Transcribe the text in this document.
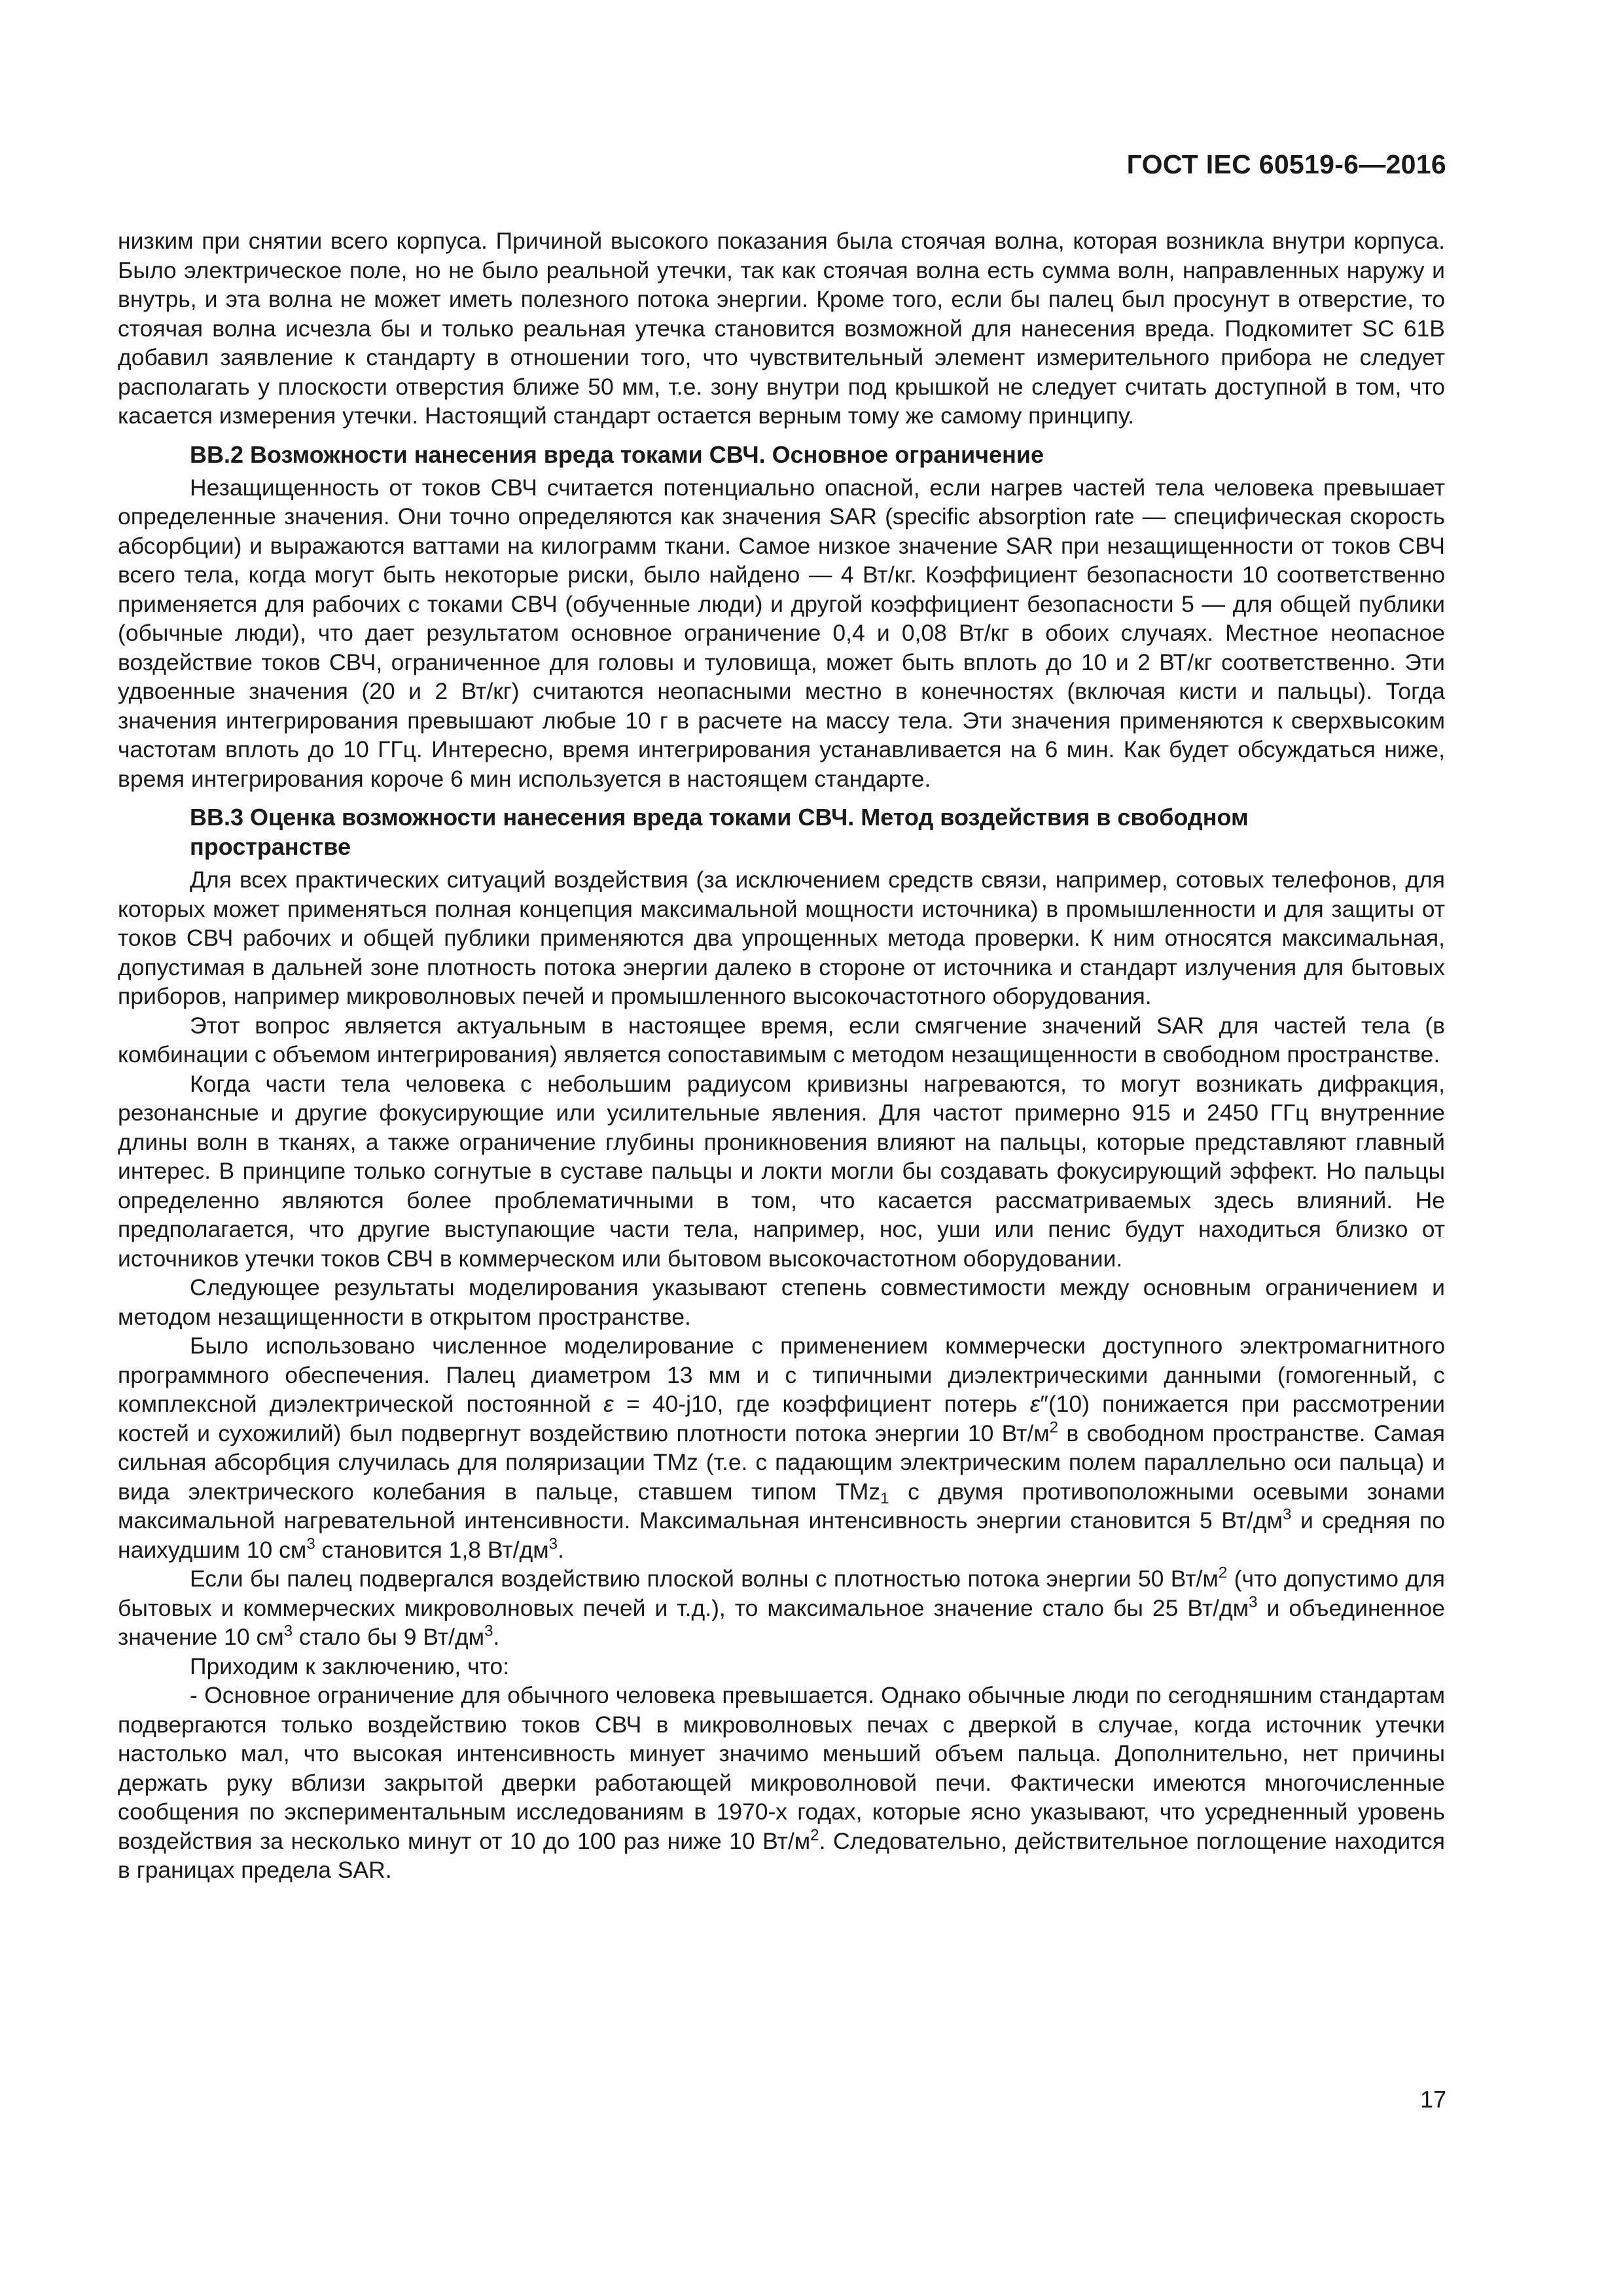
ГОСТ IEC 60519-6—2016

низким при снятии всего корпуса. Причиной высокого показания была стоячая волна, которая возникла внутри корпуса. Было электрическое поле, но не было реальной утечки, так как стоячая волна есть сумма волн, направленных наружу и внутрь, и эта волна не может иметь полезного потока энергии. Кроме того, если бы палец был просунут в отверстие, то стоячая волна исчезла бы и только реальная утечка становится возможной для нанесения вреда. Подкомитет SC 61B добавил заявление к стандарту в отношении того, что чувствительный элемент измерительного прибора не следует располагать у плоскости отверстия ближе 50 мм, т.е. зону внутри под крышкой не следует считать доступной в том, что касается измерения утечки. Настоящий стандарт остается верным тому же самому принципу.

BB.2 Возможности нанесения вреда токами СВЧ. Основное ограничение

Незащищенность от токов СВЧ считается потенциально опасной, если нагрев частей тела человека превышает определенные значения. Они точно определяются как значения SAR (specific absorption rate — специфическая скорость абсорбции) и выражаются ваттами на килограмм ткани. Самое низкое значение SAR при незащищенности от токов СВЧ всего тела, когда могут быть некоторые риски, было найдено — 4 Вт/кг. Коэффициент безопасности 10 соответственно применяется для рабочих с токами СВЧ (обученные люди) и другой коэффициент безопасности 5 — для общей публики (обычные люди), что дает результатом основное ограничение 0,4 и 0,08 Вт/кг в обоих случаях. Местное неопасное воздействие токов СВЧ, ограниченное для головы и туловища, может быть вплоть до 10 и 2 ВТ/кг соответственно. Эти удвоенные значения (20 и 2 Вт/кг) считаются неопасными местно в конечностях (включая кисти и пальцы). Тогда значения интегрирования превышают любые 10 г в расчете на массу тела. Эти значения применяются к сверхвысоким частотам вплоть до 10 ГГц. Интересно, время интегрирования устанавливается на 6 мин. Как будет обсуждаться ниже, время интегрирования короче 6 мин используется в настоящем стандарте.

BB.3 Оценка возможности нанесения вреда токами СВЧ. Метод воздействия в свободном пространстве

Для всех практических ситуаций воздействия (за исключением средств связи, например, сотовых телефонов, для которых может применяться полная концепция максимальной мощности источника) в промышленности и для защиты от токов СВЧ рабочих и общей публики применяются два упрощенных метода проверки. К ним относятся максимальная, допустимая в дальней зоне плотность потока энергии далеко в стороне от источника и стандарт излучения для бытовых приборов, например микроволновых печей и промышленного высокочастотного оборудования.

Этот вопрос является актуальным в настоящее время, если смягчение значений SAR для частей тела (в комбинации с объемом интегрирования) является сопоставимым с методом незащищенности в свободном пространстве.

Когда части тела человека с небольшим радиусом кривизны нагреваются, то могут возникать дифракция, резонансные и другие фокусирующие или усилительные явления. Для частот примерно 915 и 2450 ГГц внутренние длины волн в тканях, а также ограничение глубины проникновения влияют на пальцы, которые представляют главный интерес. В принципе только согнутые в суставе пальцы и локти могли бы создавать фокусирующий эффект. Но пальцы определенно являются более проблематичными в том, что касается рассматриваемых здесь влияний. Не предполагается, что другие выступающие части тела, например, нос, уши или пенис будут находиться близко от источников утечки токов СВЧ в коммерческом или бытовом высокочастотном оборудовании.

Следующее результаты моделирования указывают степень совместимости между основным ограничением и методом незащищенности в открытом пространстве.

Было использовано численное моделирование с применением коммерчески доступного электромагнитного программного обеспечения. Палец диаметром 13 мм и с типичными диэлектрическими данными (гомогенный, с комплексной диэлектрической постоянной ε = 40-j10, где коэффициент потерь ε″(10) понижается при рассмотрении костей и сухожилий) был подвергнут воздействию плотности потока энергии 10 $Вт/м^2$ в свободном пространстве. Самая сильная абсорбция случилась для поляризации TMz (т.е. с падающим электрическим полем параллельно оси пальца) и вида электрического колебания в пальце, ставшем типом TMz$_1$ с двумя противоположными осевыми зонами максимальной нагревательной интенсивности. Максимальная интенсивность энергии становится 5 $Вт/дм^3$ и средняя по наихудшим 10 $см^3$ становится 1,8 $Вт/дм^3$.

Если бы палец подвергался воздействию плоской волны с плотностью потока энергии 50 $Вт/м^2$ (что допустимо для бытовых и коммерческих микроволновых печей и т.д.), то максимальное значение стало бы 25 $Вт/дм^3$ и объединенное значение 10 $см^3$ стало бы 9 $Вт/дм^3$.

Приходим к заключению, что:

- Основное ограничение для обычного человека превышается. Однако обычные люди по сегодняшним стандартам подвергаются только воздействию токов СВЧ в микроволновых печах с дверкой в случае, когда источник утечки настолько мал, что высокая интенсивность минует значимо меньший объем пальца. Дополнительно, нет причины держать руку вблизи закрытой дверки работающей микроволновой печи. Фактически имеются многочисленные сообщения по экспериментальным исследованиям в 1970-х годах, которые ясно указывают, что усредненный уровень воздействия за несколько минут от 10 до 100 раз ниже 10 $Вт/м^2$. Следовательно, действительное поглощение находится в границах предела SAR.

17
